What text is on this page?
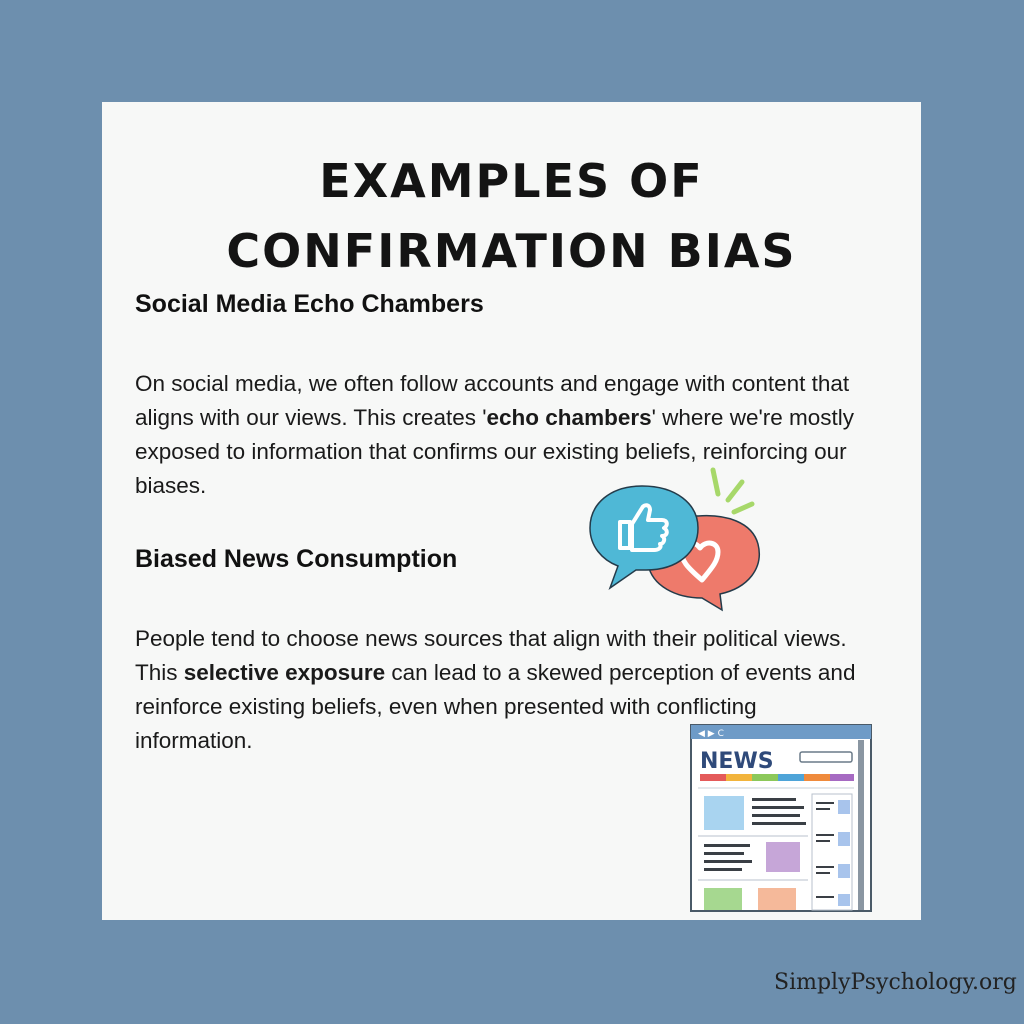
EXAMPLES OF CONFIRMATION BIAS
Social Media Echo Chambers

On social media, we often follow accounts and engage with content that aligns with our views. This creates 'echo chambers' where we're mostly exposed to information that confirms our existing beliefs, reinforcing our biases.

Biased News Consumption

People tend to choose news sources that align with their political views. This selective exposure can lead to a skewed perception of events and reinforce existing beliefs, even when presented with conflicting information.	◀ ▶ C
NEWS
SimplyPsychology.org
